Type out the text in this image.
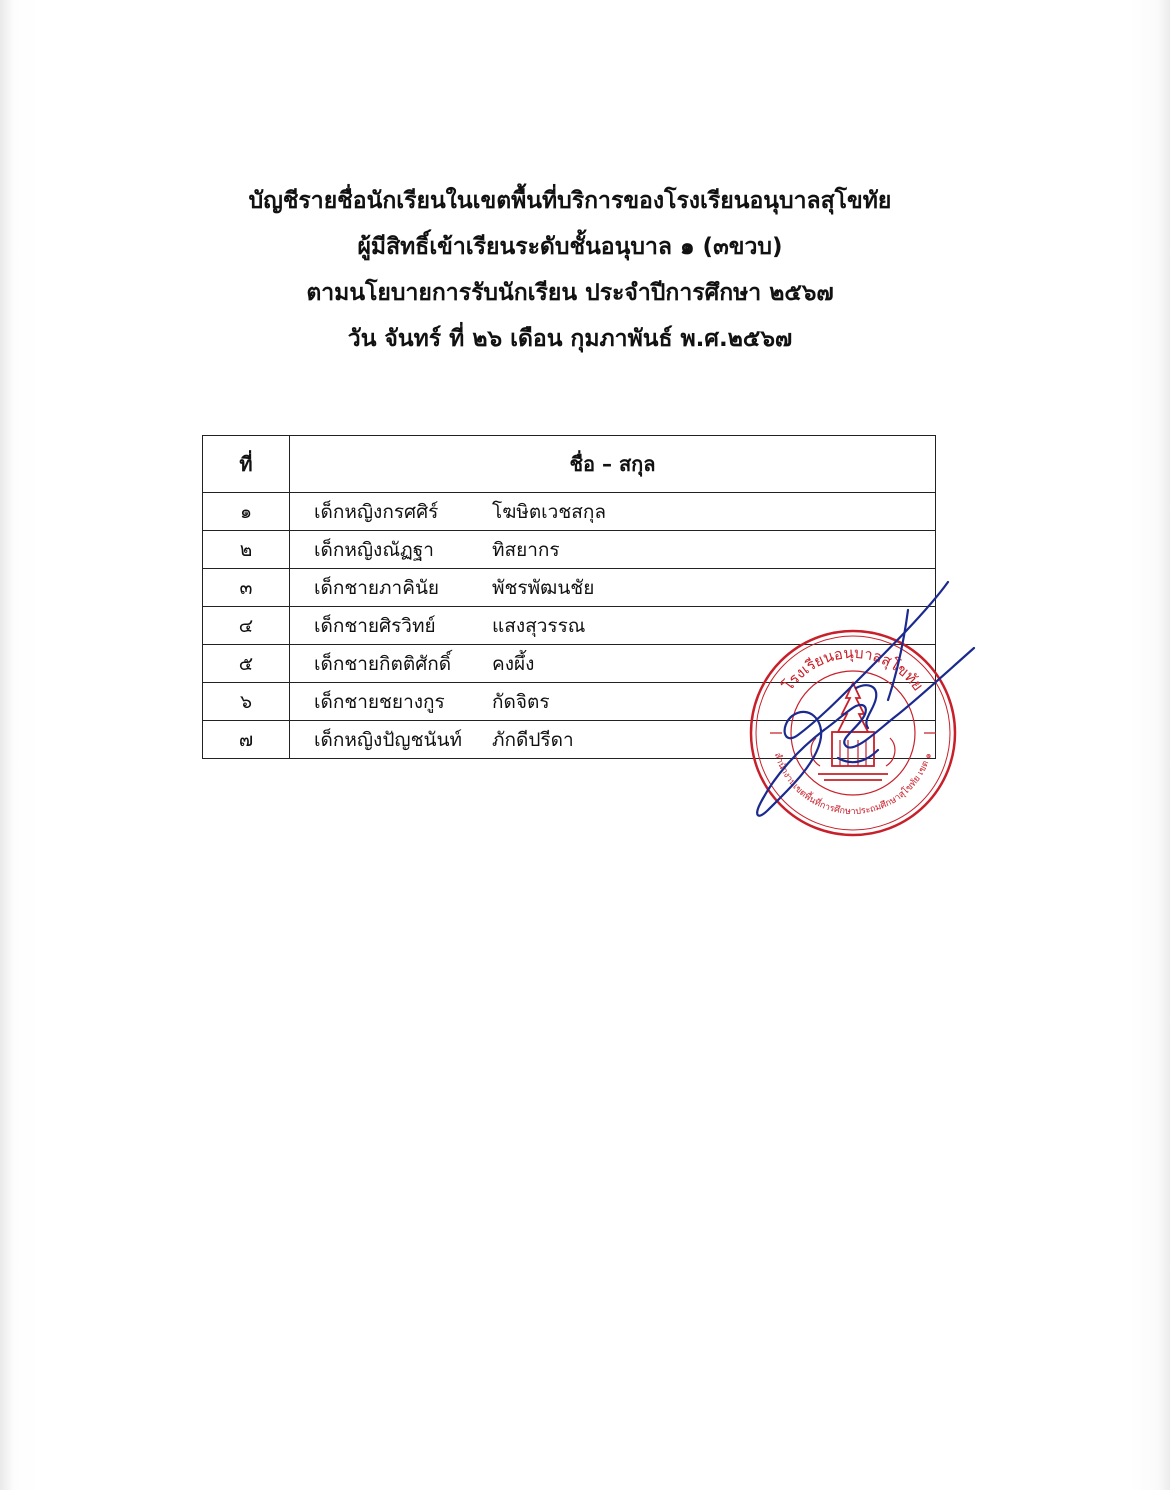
บัญชีรายชื่อนักเรียนในเขตพื้นที่บริการของโรงเรียนอนุบาลสุโขทัย
ผู้มีสิทธิ์เข้าเรียนระดับชั้นอนุบาล ๑ (๓ขวบ)
ตามนโยบายการรับนักเรียน ประจำปีการศึกษา ๒๕๖๗
วัน จันทร์ ที่ ๒๖ เดือน กุมภาพันธ์ พ.ศ.๒๕๖๗
ที่	ชื่อ – สกุล
๑	เด็กหญิงกรศศิร์ โฆษิตเวชสกุล
๒	เด็กหญิงณัฏฐา ทิสยากร
๓	เด็กชายภาคินัย พัชรพัฒนชัย
๔	เด็กชายศิรวิทย์ แสงสุวรรณ
๕	เด็กชายกิตติศักดิ์ คงผึ้ง
๖	เด็กชายชยางกูร กัดจิตร
๗	เด็กหญิงปัญชนันท์ ภักดีปรีดา
โรงเรียนอนุบาลสุโขทัย
สำนักงานเขตพื้นที่การศึกษาประถมศึกษาสุโขทัย เขต ๑
